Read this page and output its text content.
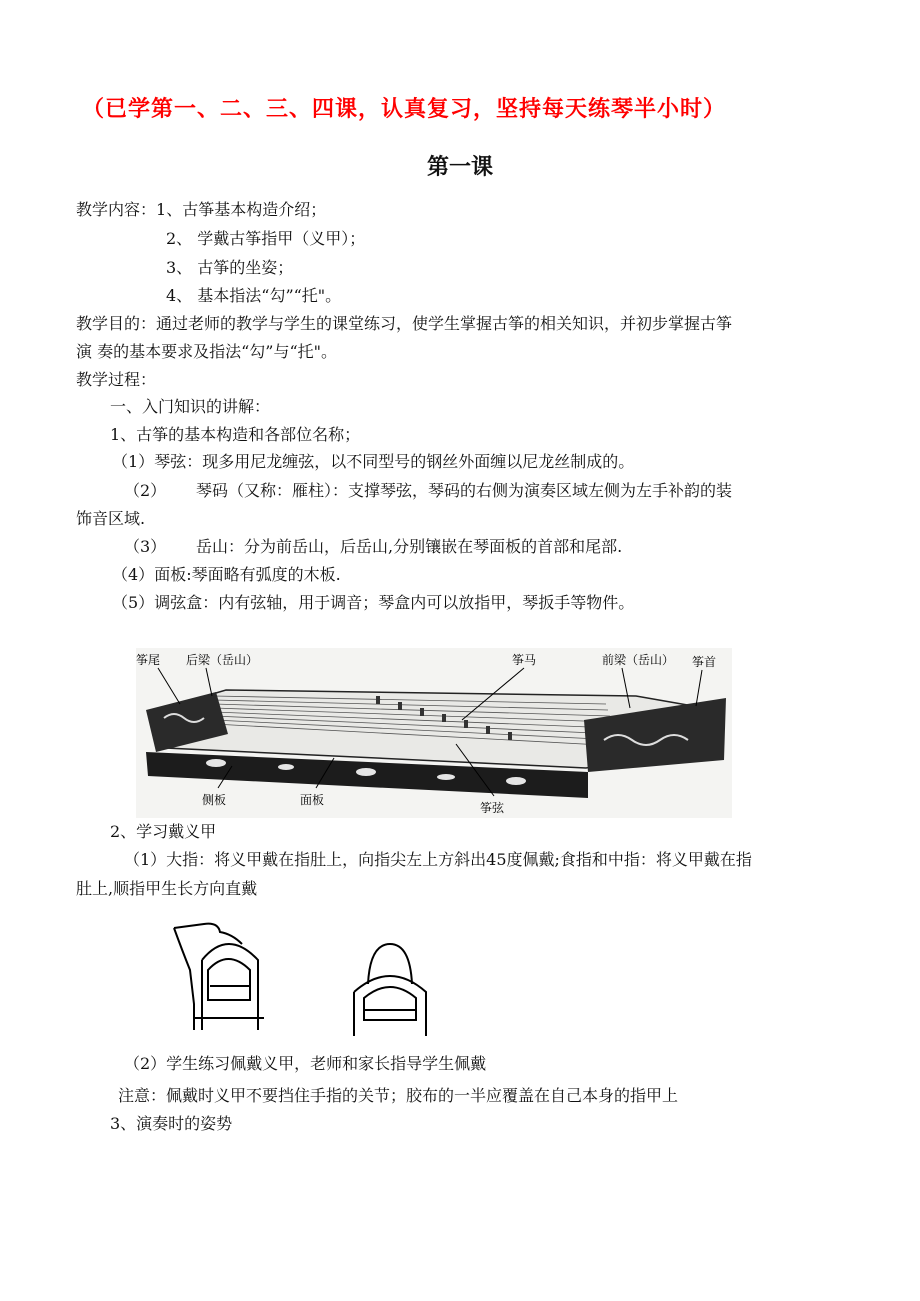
（已学第一、二、三、四课，认真复习，坚持每天练琴半小时）
第一课
教学内容：1、古筝基本构造介绍；
2、 学戴古筝指甲（义甲）；
3、 古筝的坐姿；
4、 基本指法“勾”“托"。
教学目的：通过老师的教学与学生的课堂练习，使学生掌握古筝的相关知识，并初步掌握古筝
演 奏的基本要求及指法“勾”与“托"。
教学过程：
一、入门知识的讲解：
1、古筝的基本构造和各部位名称；
（1）琴弦：现多用尼龙缠弦，以不同型号的钢丝外面缠以尼龙丝制成的。
（2） 琴码（又称：雁柱）：支撑琴弦，琴码的右侧为演奏区域左侧为左手补韵的装
饰音区域.
（3） 岳山：分为前岳山，后岳山,分别镶嵌在琴面板的首部和尾部.
（4）面板:琴面略有弧度的木板.
（5）调弦盒：内有弦轴，用于调音；琴盒内可以放指甲，琴扳手等物件。
筝尾 后梁（岳山）	筝马	前梁（岳山） 筝首
侧板	面板
筝弦
2、学习戴义甲
（1）大指：将义甲戴在指肚上，向指尖左上方斜出45度佩戴;食指和中指：将义甲戴在指
肚上,顺指甲生长方向直戴
（2）学生练习佩戴义甲，老师和家长指导学生佩戴
注意：佩戴时义甲不要挡住手指的关节；胶布的一半应覆盖在自己本身的指甲上
3、演奏时的姿势
